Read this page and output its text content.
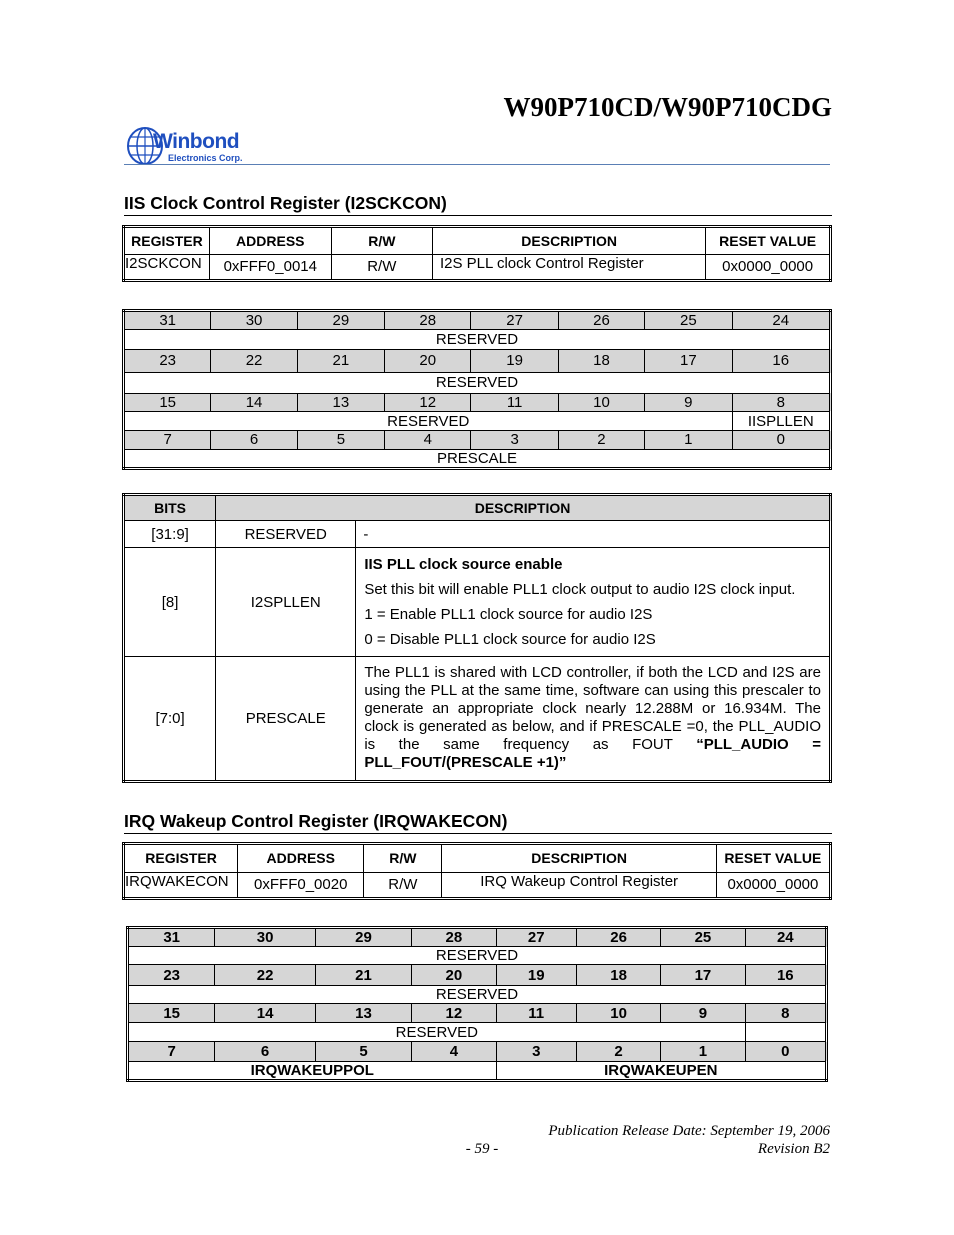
W90P710CD/W90P710CDG
Winbond
Electronics Corp.
IIS Clock Control Register (I2SCKCON)
REGISTER	ADDRESS	R/W	DESCRIPTION	RESET VALUE
I2SCKCON	0xFFF0_0014	R/W	I2S PLL clock Control Register	0x0000_0000
31	30	29	28	27	26	25	24
RESERVED							
23	22	21	20	19	18	17	16
RESERVED							
15	14	13	12	11	10	9	8
RESERVED							IISPLLEN
7	6	5	4	3	2	1	0
PRESCALE							
BITS	DESCRIPTION	
[31:9]	RESERVED	-
[8]	I2SPLLEN	IIS PLL clock source enable
Set this bit will enable PLL1 clock output to audio I2S clock input.
1 = Enable PLL1 clock source for audio I2S
0 = Disable PLL1 clock source for audio I2S

[7:0]	PRESCALE	The PLL1 is shared with LCD controller, if both the LCD and I2S are using the PLL at the same time, software can using this prescaler to generate an appropriate clock nearly 12.288M or 16.934M. The clock is generated as below, and if PRESCALE =0, the PLL_AUDIO is the same frequency as FOUT “PLL_AUDIO = PLL_FOUT/(PRESCALE +1)”
IRQ Wakeup Control Register (IRQWAKECON)
REGISTER	ADDRESS	R/W	DESCRIPTION	RESET VALUE
IRQWAKECON	0xFFF0_0020	R/W	IRQ Wakeup Control Register	0x0000_0000
31	30	29	28	27	26	25	24
RESERVED							
23	22	21	20	19	18	17	16
RESERVED							
15	14	13	12	11	10	9	8
RESERVED							
7	6	5	4	3	2	1	0
IRQWAKEUPPOL				IRQWAKEUPEN			
Publication Release Date: September 19, 2006
- 59 -	Revision B2
